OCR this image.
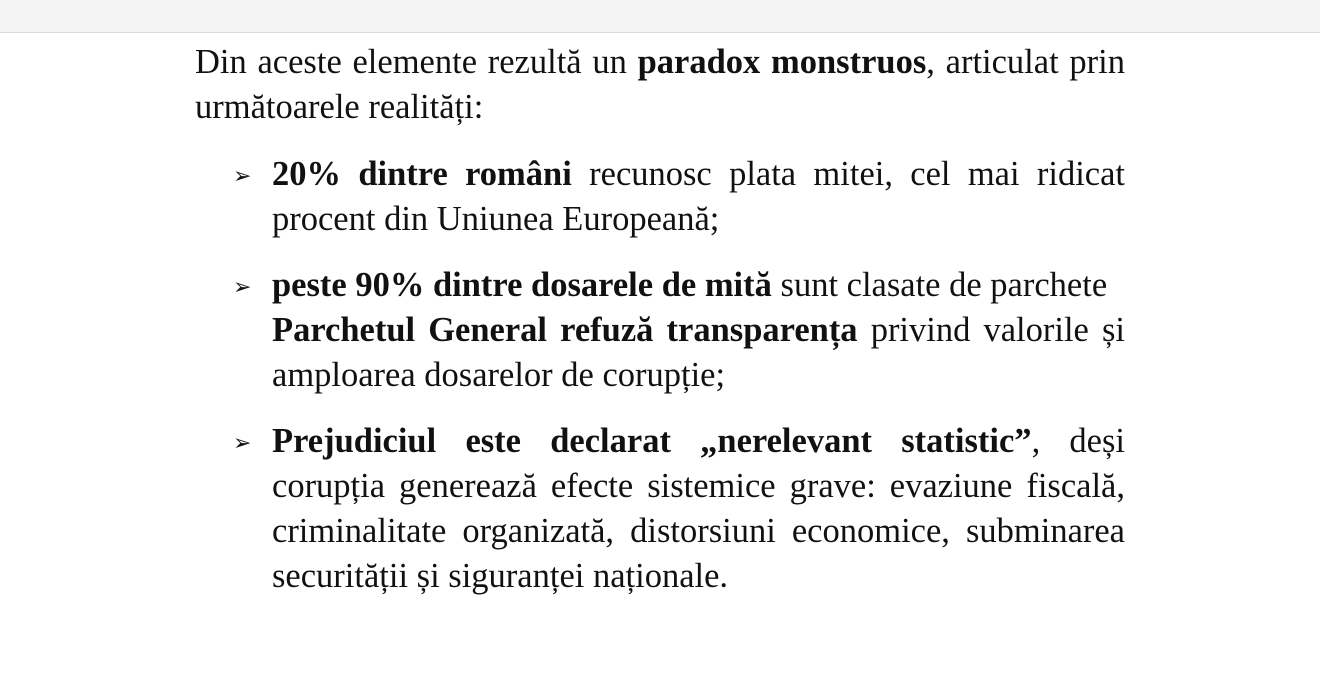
Din aceste elemente rezultă un paradox monstruos, articulat prin următoarele realități:

➢ 20% dintre români recunosc plata mitei, cel mai ridicat procent din Uniunea Europeană;

➢ peste 90% dintre dosarele de mită sunt clasate de parchete

Parchetul General refuză transparența privind valorile și amploarea dosarelor de corupție;

➢ Prejudiciul este declarat „nerelevant statistic”, deși corupția generează efecte sistemice grave: evaziune fiscală, criminalitate organizată, distorsiuni economice, subminarea securității și siguranței naționale.
